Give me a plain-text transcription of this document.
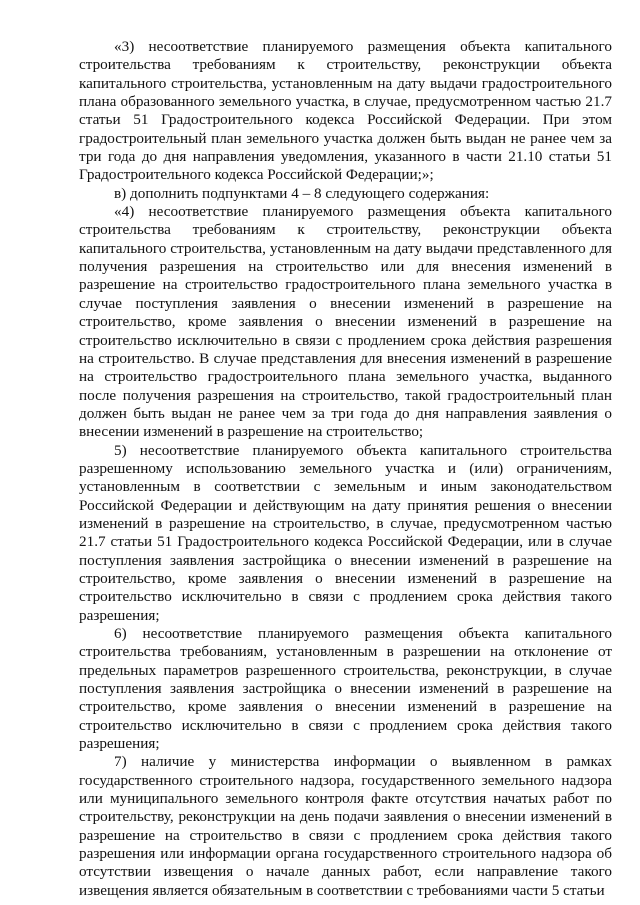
«3) несоответствие планируемого размещения объекта капитального строительства требованиям к строительству, реконструкции объекта капитального строительства, установленным на дату выдачи градостроительного плана образованного земельного участка, в случае, предусмотренном частью 21.7 статьи 51 Градостроительного кодекса Российской Федерации. При этом градостроительный план земельного участка должен быть выдан не ранее чем за три года до дня направления уведомления, указанного в части 21.10 статьи 51 Градостроительного кодекса Российской Федерации;»;

в) дополнить подпунктами 4 – 8 следующего содержания:

«4) несоответствие планируемого размещения объекта капитального строительства требованиям к строительству, реконструкции объекта капитального строительства, установленным на дату выдачи представленного для получения разрешения на строительство или для внесения изменений в разрешение на строительство градостроительного плана земельного участка в случае поступления заявления о внесении изменений в разрешение на строительство, кроме заявления о внесении изменений в разрешение на строительство исключительно в связи с продлением срока действия разрешения на строительство. В случае представления для внесения изменений в разрешение на строительство градостроительного плана земельного участка, выданного после получения разрешения на строительство, такой градостроительный план должен быть выдан не ранее чем за три года до дня направления заявления о внесении изменений в разрешение на строительство;

5) несоответствие планируемого объекта капитального строительства разрешенному использованию земельного участка и (или) ограничениям, установленным в соответствии с земельным и иным законодательством Российской Федерации и действующим на дату принятия решения о внесении изменений в разрешение на строительство, в случае, предусмотренном частью 21.7 статьи 51 Градостроительного кодекса Российской Федерации, или в случае поступления заявления застройщика о внесении изменений в разрешение на строительство, кроме заявления о внесении изменений в разрешение на строительство исключительно в связи с продлением срока действия такого разрешения;

6) несоответствие планируемого размещения объекта капитального строительства требованиям, установленным в разрешении на отклонение от предельных параметров разрешенного строительства, реконструкции, в случае поступления заявления застройщика о внесении изменений в разрешение на строительство, кроме заявления о внесении изменений в разрешение на строительство исключительно в связи с продлением срока действия такого разрешения;

7) наличие у министерства информации о выявленном в рамках государственного строительного надзора, государственного земельного надзора или муниципального земельного контроля факте отсутствия начатых работ по строительству, реконструкции на день подачи заявления о внесении изменений в разрешение на строительство в связи с продлением срока действия такого разрешения или информации органа государственного строительного надзора об отсутствии извещения о начале данных работ, если направление такого извещения является обязательным в соответствии с требованиями части 5 статьи
